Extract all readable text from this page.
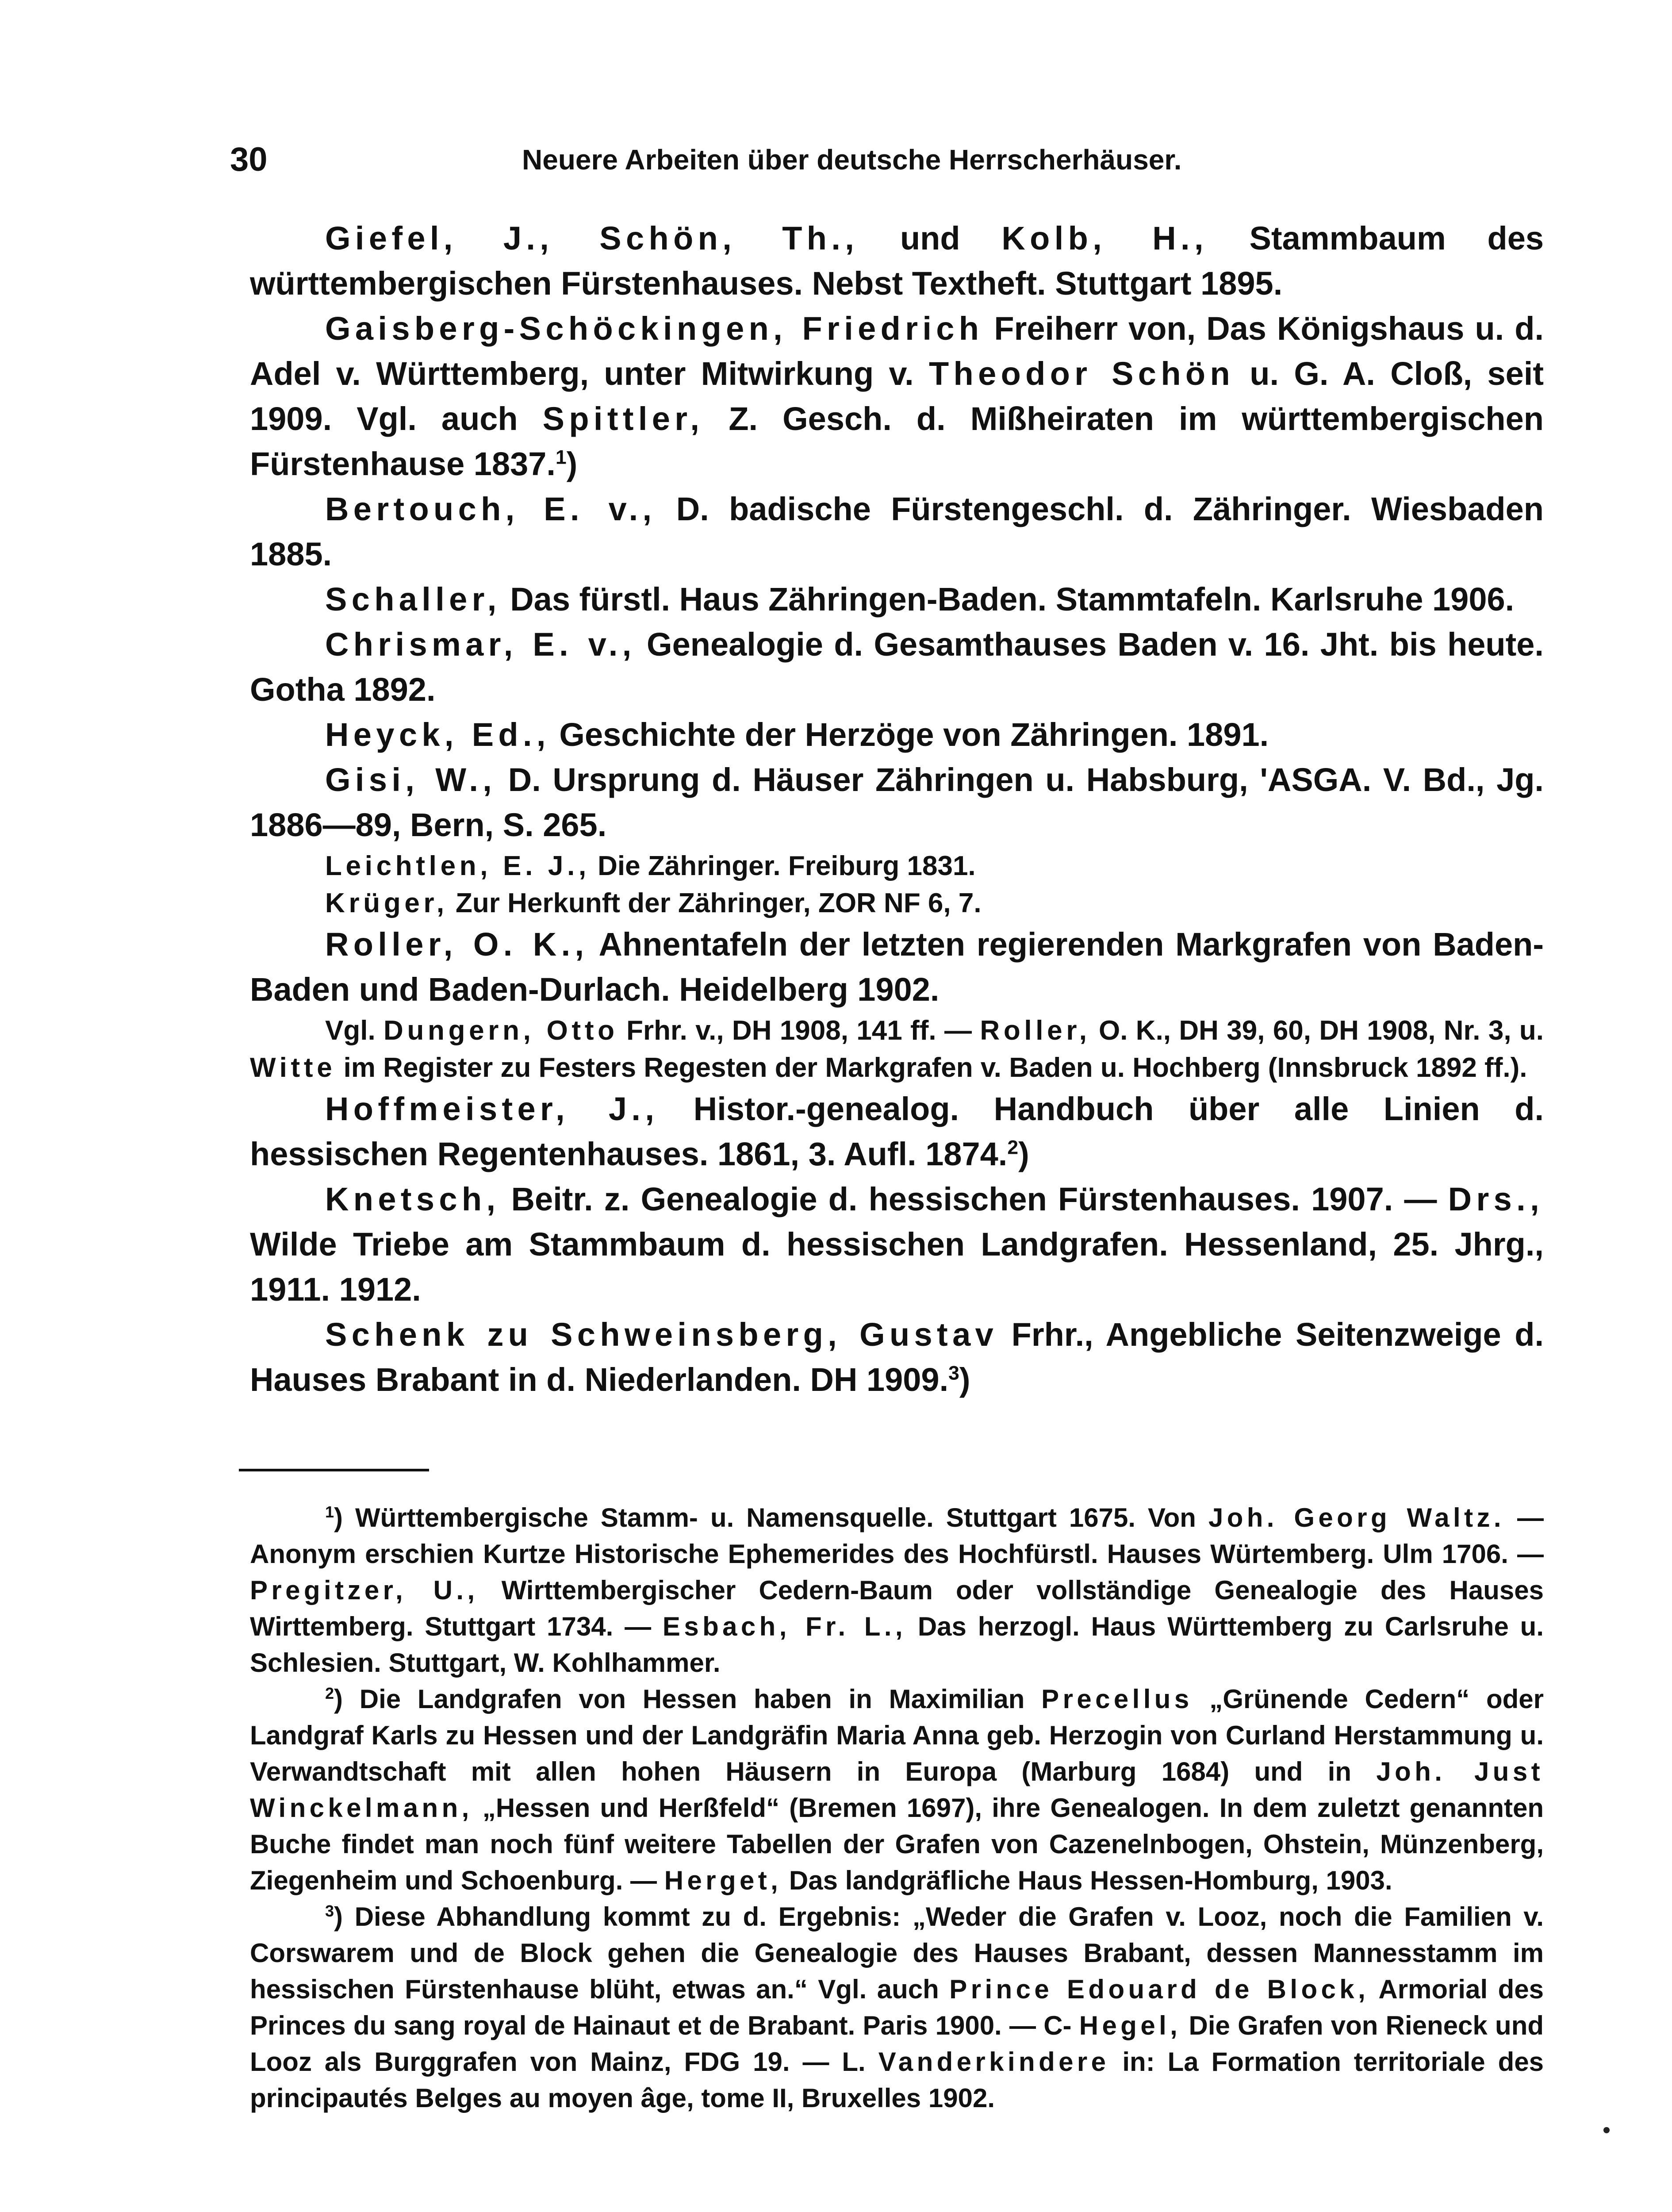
30	Neuere Arbeiten über deutsche Herrscherhäuser.

Giefel, J., Schön, Th., und Kolb, H., Stammbaum des württembergischen Fürstenhauses. Nebst Textheft. Stuttgart 1895.

Gaisberg-Schöckingen, Friedrich Freiherr von, Das Königshaus u. d. Adel v. Württemberg, unter Mitwirkung v. Theodor Schön u. G. A. Cloß, seit 1909. Vgl. auch Spittler, Z. Gesch. d. Mißheiraten im württembergischen Fürstenhause 1837.$^1$)

Bertouch, E. v., D. badische Fürstengeschl. d. Zähringer. Wiesbaden 1885.

Schaller, Das fürstl. Haus Zähringen-Baden. Stammtafeln. Karlsruhe 1906.

Chrismar, E. v., Genealogie d. Gesamthauses Baden v. 16. Jht. bis heute. Gotha 1892.

Heyck, Ed., Geschichte der Herzöge von Zähringen. 1891.

Gisi, W., D. Ursprung d. Häuser Zähringen u. Habsburg, 'ASGA. V. Bd., Jg. 1886—89, Bern, S. 265.

Leichtlen, E. J., Die Zähringer. Freiburg 1831.

Krüger, Zur Herkunft der Zähringer, ZOR NF 6, 7.

Roller, O. K., Ahnentafeln der letzten regierenden Markgrafen von Baden-Baden und Baden-Durlach. Heidelberg 1902.

Vgl. Dungern, Otto Frhr. v., DH 1908, 141 ff. — Roller, O. K., DH 39, 60, DH 1908, Nr. 3, u. Witte im Register zu Festers Regesten der Markgrafen v. Baden u. Hochberg (Innsbruck 1892 ff.).

Hoffmeister, J., Histor.-genealog. Handbuch über alle Linien d. hessischen Regentenhauses. 1861, 3. Aufl. 1874.$^2$)

Knetsch, Beitr. z. Genealogie d. hessischen Fürstenhauses. 1907. — Drs., Wilde Triebe am Stammbaum d. hessischen Landgrafen. Hessenland, 25. Jhrg., 1911. 1912.

Schenk zu Schweinsberg, Gustav Frhr., Angebliche Seitenzweige d. Hauses Brabant in d. Niederlanden. DH 1909.$^3$)

$^1$) Württembergische Stamm- u. Namensquelle. Stuttgart 1675. Von Joh. Georg Waltz. — Anonym erschien Kurtze Historische Ephemerides des Hochfürstl. Hauses Würtemberg. Ulm 1706. — Pregitzer, U., Wirttembergischer Cedern-Baum oder vollständige Genealogie des Hauses Wirttemberg. Stuttgart 1734. — Esbach, Fr. L., Das herzogl. Haus Württemberg zu Carlsruhe u. Schlesien. Stuttgart, W. Kohlhammer.

$^2$) Die Landgrafen von Hessen haben in Maximilian Precellus „Grünende Cedern“ oder Landgraf Karls zu Hessen und der Landgräfin Maria Anna geb. Herzogin von Curland Herstammung u. Verwandtschaft mit allen hohen Häusern in Europa (Marburg 1684) und in Joh. Just Winckelmann, „Hessen und Herßfeld“ (Bremen 1697), ihre Genealogen. In dem zuletzt genannten Buche findet man noch fünf weitere Tabellen der Grafen von Cazenelnbogen, Ohstein, Münzenberg, Ziegenheim und Schoenburg. — Herget, Das landgräfliche Haus Hessen-Homburg, 1903.

$^3$) Diese Abhandlung kommt zu d. Ergebnis: „Weder die Grafen v. Looz, noch die Familien v. Corswarem und de Block gehen die Genealogie des Hauses Brabant, dessen Mannesstamm im hessischen Fürstenhause blüht, etwas an.“ Vgl. auch Prince Edouard de Block, Armorial des Princes du sang royal de Hainaut et de Brabant. Paris 1900. — C- Hegel, Die Grafen von Rieneck und Looz als Burggrafen von Mainz, FDG 19. — L. Vanderkindere in: La Formation territoriale des principautés Belges au moyen âge, tome II, Bruxelles 1902.
